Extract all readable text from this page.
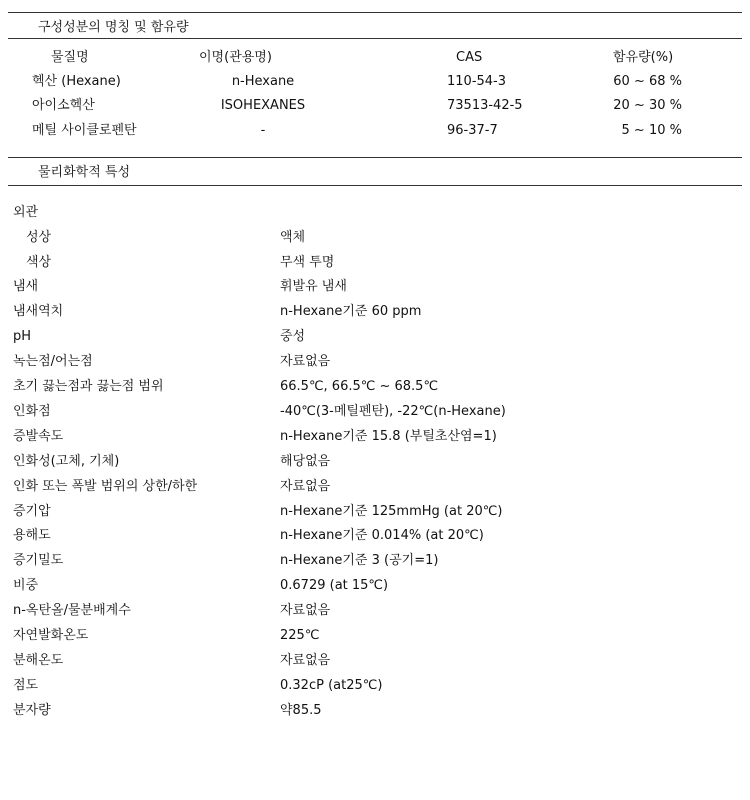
구성성분의 명칭 및 함유량
물질명	이명(관용명)	CAS	함유량(%)
헥산 (Hexane)	n-Hexane	110-54-3	60 ~ 68 %
아이소헥산	ISOHEXANES	73513-42-5	20 ~ 30 %
메틸 사이클로펜탄	-	96-37-7	5 ~ 10 %
물리화학적 특성
외관
성상	액체
색상	무색 투명
냄새	휘발유 냄새
냄새역치	n-Hexane기준 60 ppm
pH	중성
녹는점/어는점	자료없음
초기 끓는점과 끓는점 범위	66.5℃, 66.5℃ ~ 68.5℃
인화점	-40℃(3-메틸펜탄), -22℃(n-Hexane)
증발속도	n-Hexane기준 15.8 (부틸초산염=1)
인화성(고체, 기체)	해당없음
인화 또는 폭발 범위의 상한/하한	자료없음
증기압	n-Hexane기준 125mmHg (at 20℃)
용해도	n-Hexane기준 0.014% (at 20℃)
증기밀도	n-Hexane기준 3 (공기=1)
비중	0.6729 (at 15℃)
n-옥탄올/물분배계수	자료없음
자연발화온도	225℃
분해온도	자료없음
점도	0.32cP (at25℃)
분자량	약85.5
